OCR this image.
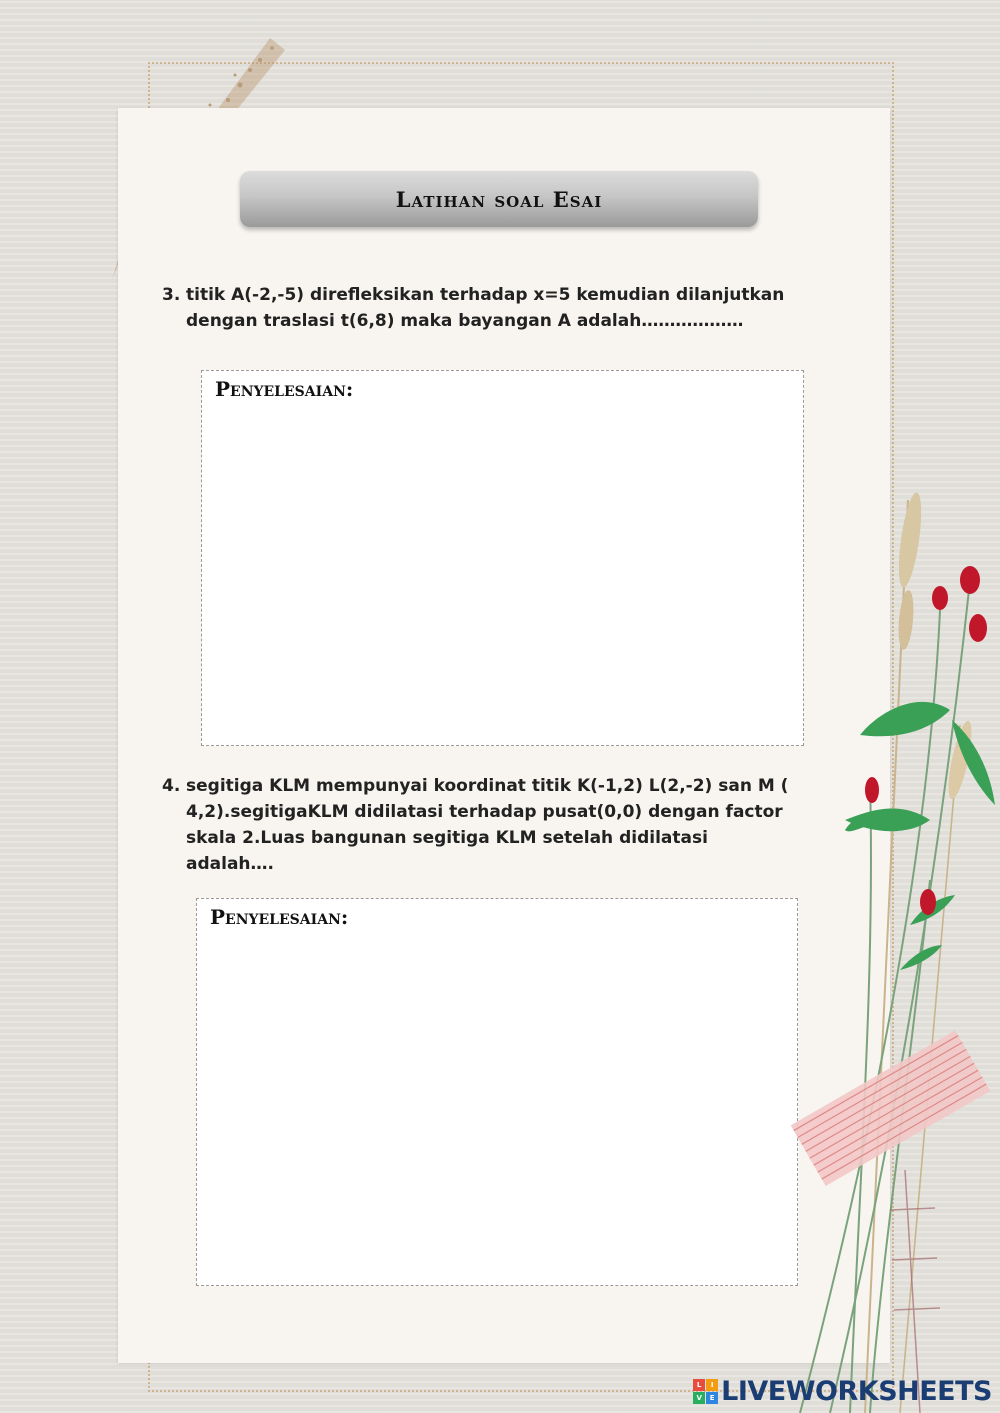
Latihan soal Esai
3. titik A(-2,-5) direfleksikan terhadap x=5 kemudian dilanjutkan dengan traslasi t(6,8) maka bayangan A adalah………………
Penyelesaian:
4. segitiga KLM mempunyai koordinat titik K(-1,2) L(2,-2) san M ( 4,2).segitigaKLM didilatasi terhadap pusat(0,0) dengan factor skala 2.Luas bangunan segitiga KLM setelah didilatasi adalah….
Penyelesaian:
L	I
V	E LIVEWORKSHEETS
